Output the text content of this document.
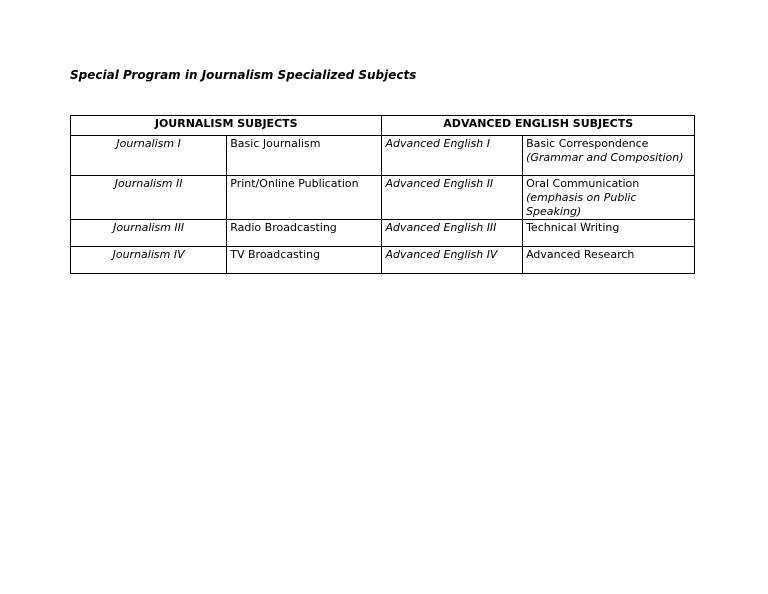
Special Program in Journalism Specialized Subjects
JOURNALISM SUBJECTS		ADVANCED ENGLISH SUBJECTS	
Journalism I	Basic Journalism	Advanced English I	Basic Correspondence
(Grammar and Composition)

Journalism II	Print/Online Publication	Advanced English II	Oral Communication
(emphasis on Public Speaking)

Journalism III	Radio Broadcasting	Advanced English III	Technical Writing
Journalism IV	TV Broadcasting	Advanced English IV	Advanced Research
